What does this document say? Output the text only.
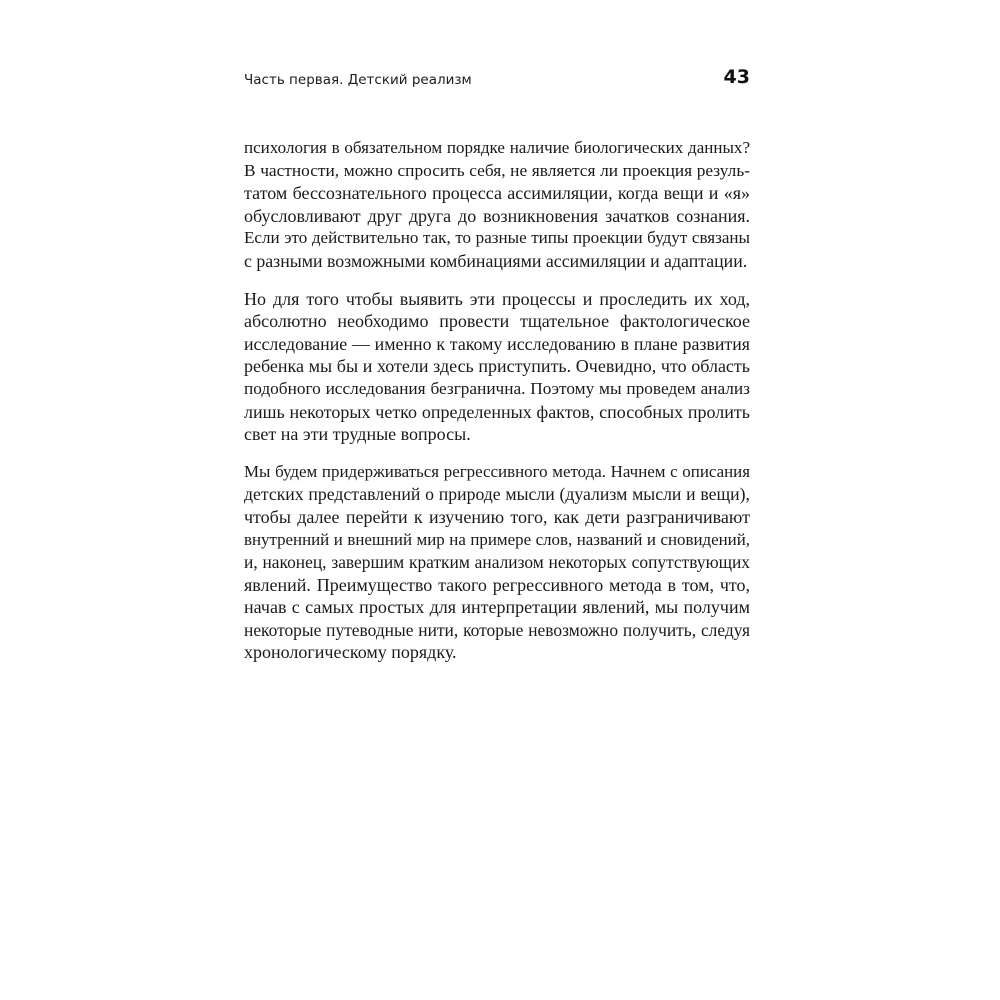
Часть первая. Детский реализм	43

психология в обязательном порядке наличие биологических данных?
В частности, можно спросить себя, не является ли проекция резуль-
татом бессознательного процесса ассимиляции, когда вещи и «я»
обусловливают друг друга до возникновения зачатков сознания.
Если это действительно так, то разные типы проекции будут связаны
с разными возможными комбинациями ассимиляции и адаптации.

Но для того чтобы выявить эти процессы и проследить их ход,
абсолютно необходимо провести тщательное фактологическое
исследование — именно к такому исследованию в плане развития
ребенка мы бы и хотели здесь приступить. Очевидно, что область
подобного исследования безгранична. Поэтому мы проведем анализ
лишь некоторых четко определенных фактов, способных пролить
свет на эти трудные вопросы.

Мы будем придерживаться регрессивного метода. Начнем с описания
детских представлений о природе мысли (дуализм мысли и вещи),
чтобы далее перейти к изучению того, как дети разграничивают
внутренний и внешний мир на примере слов, названий и сновидений,
и, наконец, завершим кратким анализом некоторых сопутствующих
явлений. Преимущество такого регрессивного метода в том, что,
начав с самых простых для интерпретации явлений, мы получим
некоторые путеводные нити, которые невозможно получить, следуя
хронологическому порядку.
